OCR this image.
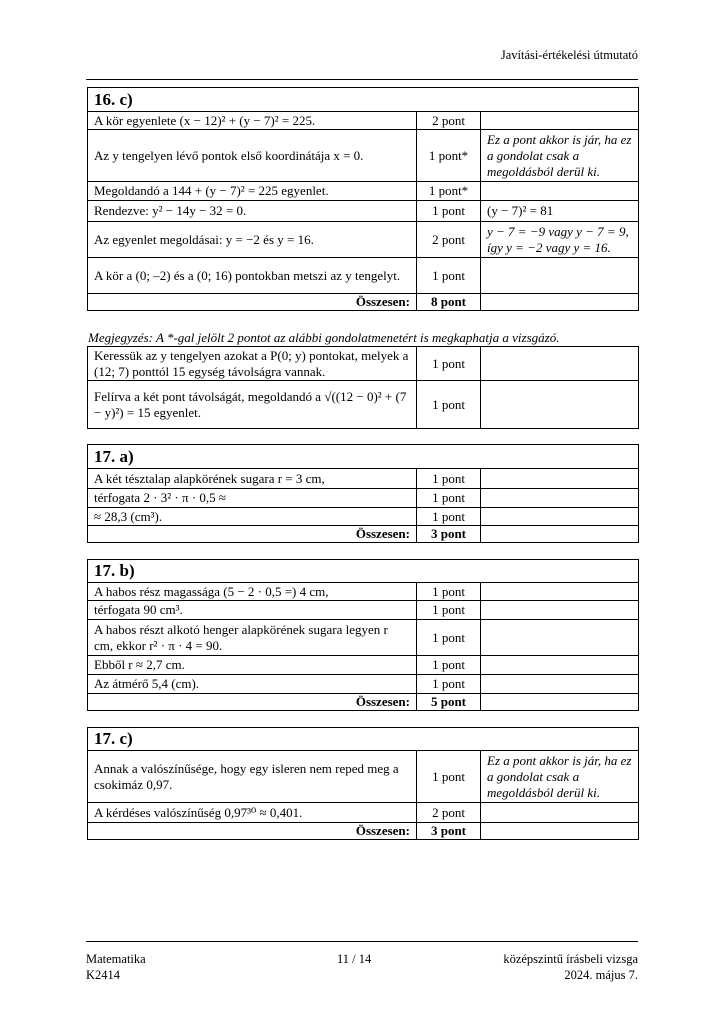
Javítási-értékelési útmutató
16. c)		
A kör egyenlete (x − 12)² + (y − 7)² = 225.	2 pont	
Az y tengelyen lévő pontok első koordinátája x = 0.	1 pont*	Ez a pont akkor is jár, ha ez a gondolat csak a megoldásból derül ki.
Megoldandó a 144 + (y − 7)² = 225 egyenlet.	1 pont*	
Rendezve: y² − 14y − 32 = 0.	1 pont	(y − 7)² = 81
Az egyenlet megoldásai: y = −2 és y = 16.	2 pont	y − 7 = −9 vagy y − 7 = 9, így y = −2 vagy y = 16.
A kör a (0; –2) és a (0; 16) pontokban metszi az y tengelyt.	1 pont	
Összesen:	8 pont	
Megjegyzés: A *-gal jelölt 2 pontot az alábbi gondolatmenetért is megkaphatja a vizsgázó.
Keressük az y tengelyen azokat a P(0; y) pontokat, melyek a (12; 7) ponttól 15 egység távolságra vannak.	1 pont	
Felírva a két pont távolságát, megoldandó a √((12 − 0)² + (7 − y)²) = 15 egyenlet.	1 pont	
17. a)		
A két tésztalap alapkörének sugara r = 3 cm,	1 pont	
térfogata 2 · 3² · π · 0,5 ≈	1 pont	
≈ 28,3 (cm³).	1 pont	
Összesen:	3 pont	
17. b)		
A habos rész magassága (5 − 2 · 0,5 =) 4 cm,	1 pont	
térfogata 90 cm³.	1 pont	
A habos részt alkotó henger alapkörének sugara legyen r cm, ekkor r² · π · 4 = 90.	1 pont	
Ebből r ≈ 2,7 cm.	1 pont	
Az átmérő 5,4 (cm).	1 pont	
Összesen:	5 pont	
17. c)		
Annak a valószínűsége, hogy egy isleren nem reped meg a csokimáz 0,97.	1 pont	Ez a pont akkor is jár, ha ez a gondolat csak a megoldásból derül ki.
A kérdéses valószínűség 0,97³⁰ ≈ 0,401.	2 pont	
Összesen:	3 pont	
Matematika
K2414
11 / 14	középszintű írásbeli vizsga
2024. május 7.
